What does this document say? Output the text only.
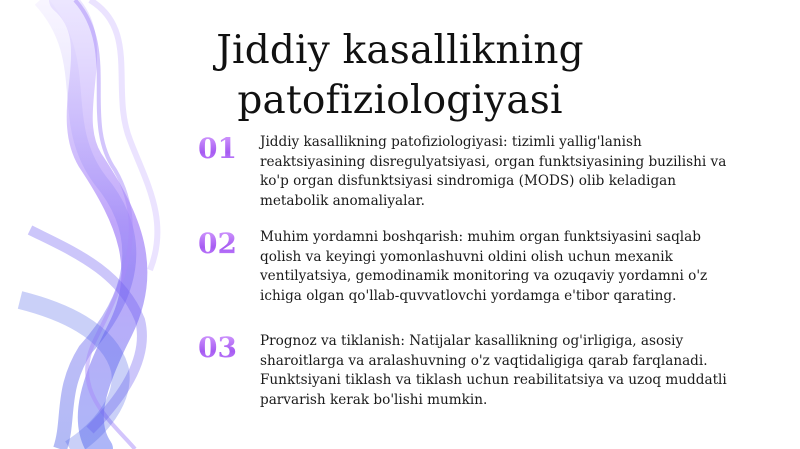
Jiddiy kasallikning patofiziologiyasi
01	Jiddiy kasallikning patofiziologiyasi: tizimli yallig'lanish reaktsiyasining disregulyatsiyasi, organ funktsiyasining buzilishi va ko'p organ disfunktsiyasi sindromiga (MODS) olib keladigan metabolik anomaliyalar.
02	Muhim yordamni boshqarish: muhim organ funktsiyasini saqlab qolish va keyingi yomonlashuvni oldini olish uchun mexanik ventilyatsiya, gemodinamik monitoring va ozuqaviy yordamni o'z ichiga olgan qo'llab-quvvatlovchi yordamga e'tibor qarating.
03	Prognoz va tiklanish: Natijalar kasallikning og'irligiga, asosiy sharoitlarga va aralashuvning o'z vaqtidaligiga qarab farqlanadi. Funktsiyani tiklash va tiklash uchun reabilitatsiya va uzoq muddatli parvarish kerak bo'lishi mumkin.
